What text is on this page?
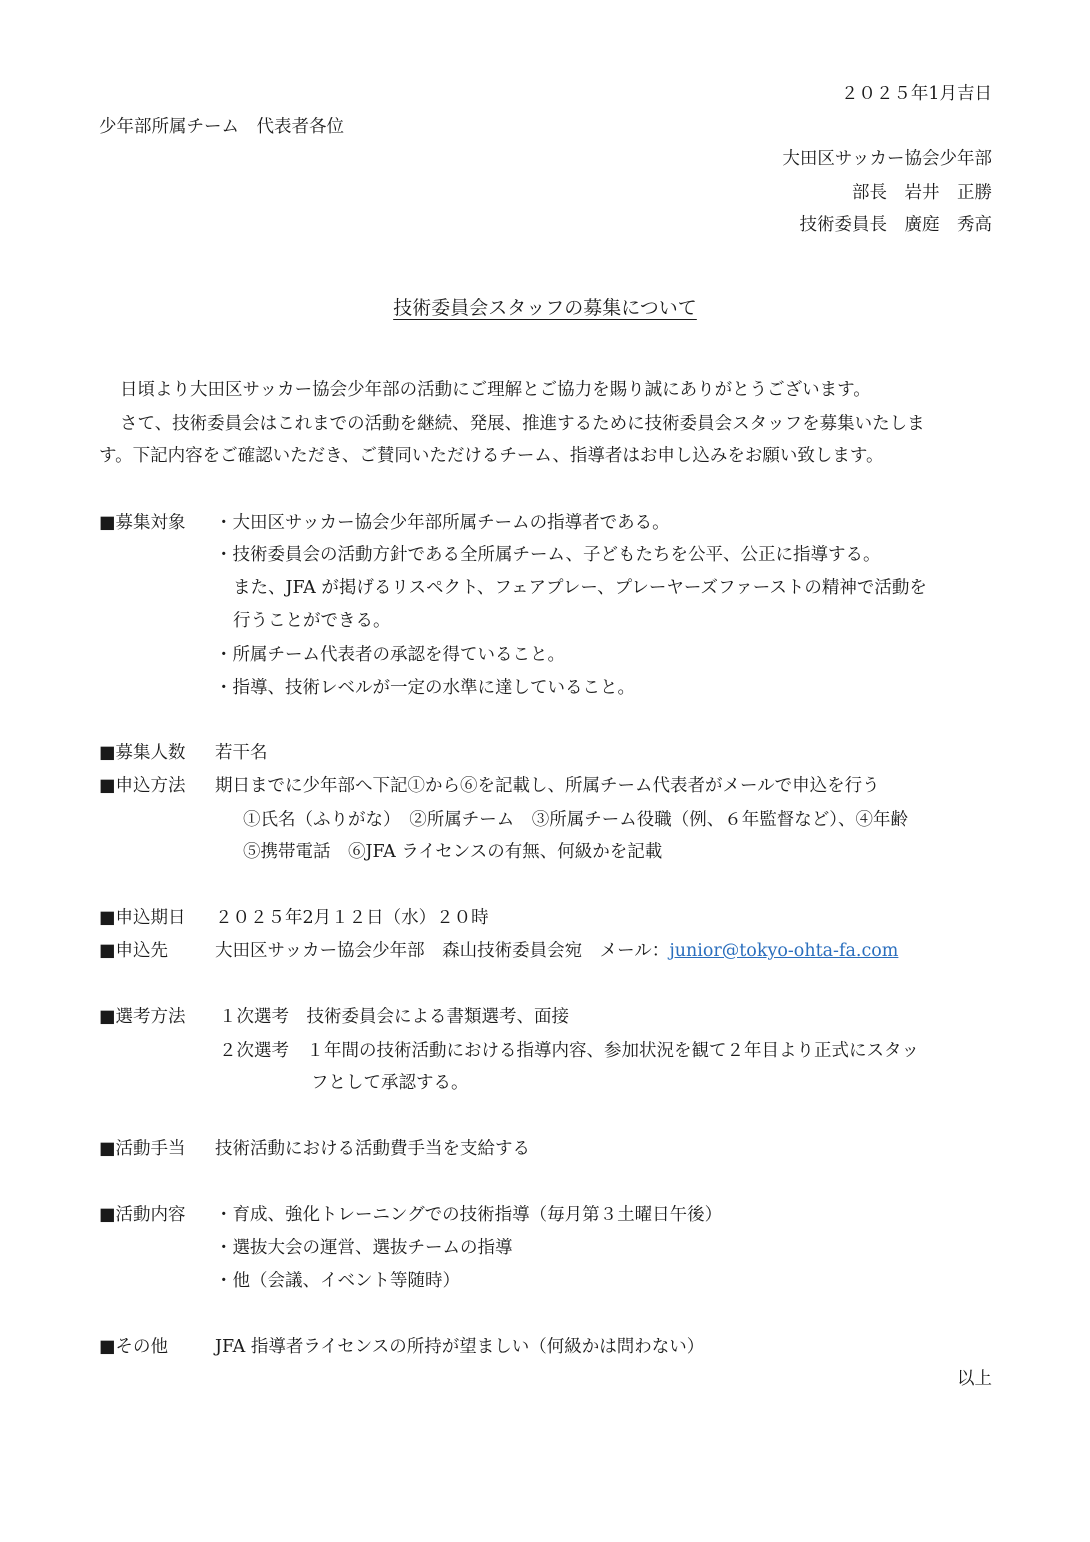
２０２５年1月吉日
少年部所属チーム　代表者各位
大田区サッカー協会少年部
部長　岩井　正勝
技術委員長　廣庭　秀高
技術委員会スタッフの募集について
日頃より大田区サッカー協会少年部の活動にご理解とご協力を賜り誠にありがとうございます。
さて、技術委員会はこれまでの活動を継続、発展、推進するために技術委員会スタッフを募集いたしま
す。下記内容をご確認いただき、ご賛同いただけるチーム、指導者はお申し込みをお願い致します。
■募集対象 ・大田区サッカー協会少年部所属チームの指導者である。
・技術委員会の活動方針である全所属チーム、子どもたちを公平、公正に指導する。
また、JFA が掲げるリスペクト、フェアプレー、プレーヤーズファーストの精神で活動を
行うことができる。
・所属チーム代表者の承認を得ていること。
・指導、技術レベルが一定の水準に達していること。
■募集人数 若干名
■申込方法 期日までに少年部へ下記①から⑥を記載し、所属チーム代表者がメールで申込を行う
①氏名（ふりがな）　②所属チーム　③所属チーム役職（例、６年監督など）、④年齢
⑤携帯電話　⑥JFA ライセンスの有無、何級かを記載
■申込期日 ２０２５年2月１２日（水）２０時
■申込先	大田区サッカー協会少年部　森山技術委員会宛　メール：junior@tokyo-ohta-fa.com
■選考方法 １次選考　技術委員会による書類選考、面接
２次選考　１年間の技術活動における指導内容、参加状況を観て２年目より正式にスタッ
フとして承認する。
■活動手当 技術活動における活動費手当を支給する
■活動内容 ・育成、強化トレーニングでの技術指導（毎月第３土曜日午後）
・選抜大会の運営、選抜チームの指導
・他（会議、イベント等随時）
■その他	JFA 指導者ライセンスの所持が望ましい（何級かは問わない）
以上
